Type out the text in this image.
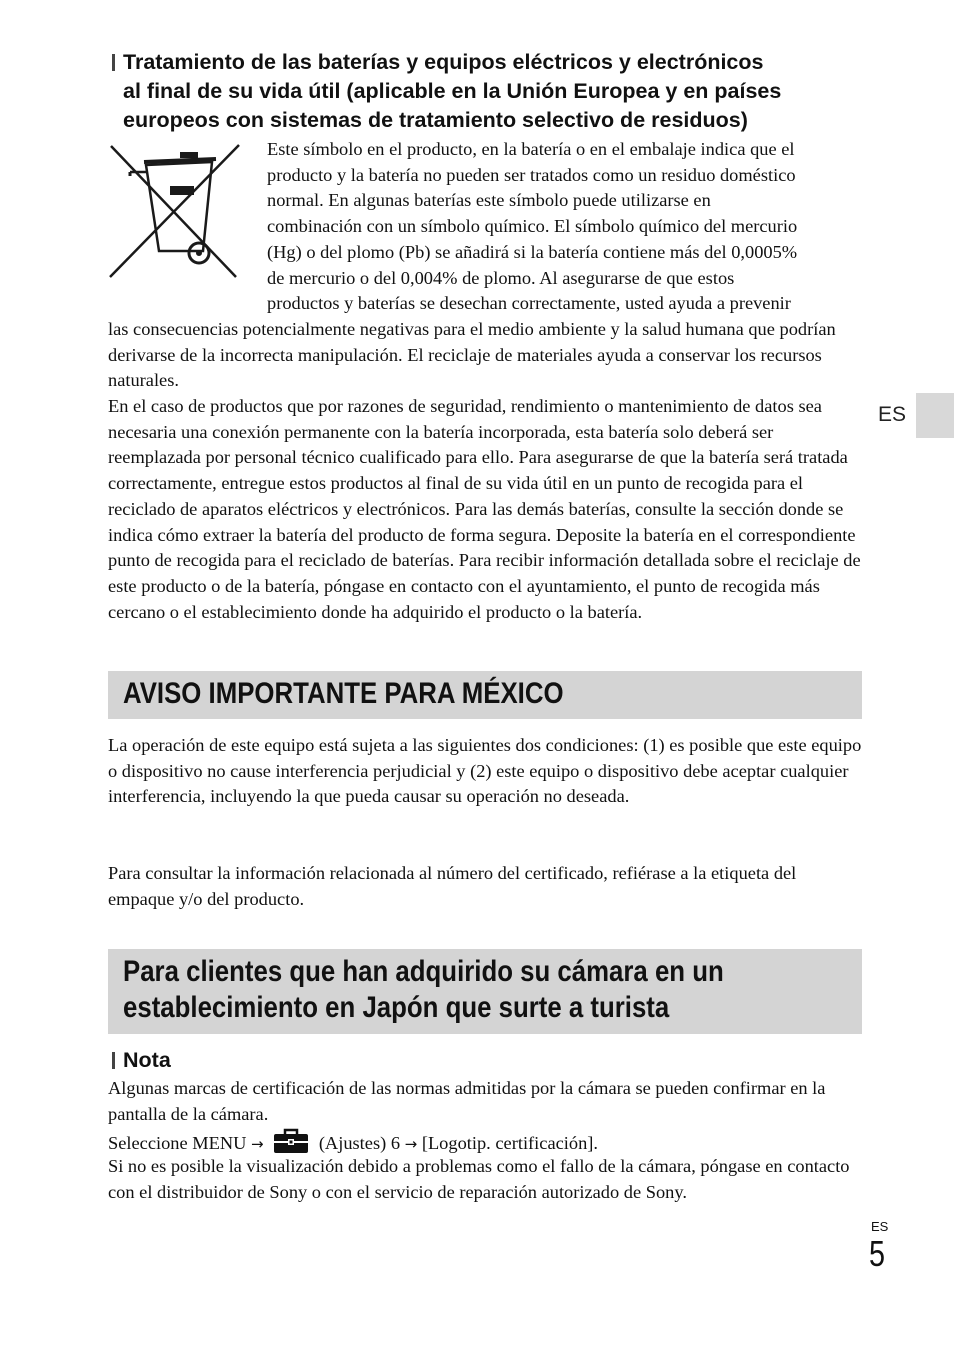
Tratamiento de las baterías y equipos eléctricos y electrónicos
al final de su vida útil (aplicable en la Unión Europea y en países
europeos con sistemas de tratamiento selectivo de residuos)
Este símbolo en el producto, en la batería o en el embalaje indica que el
producto y la batería no pueden ser tratados como un residuo doméstico
normal. En algunas baterías este símbolo puede utilizarse en
combinación con un símbolo químico. El símbolo químico del mercurio
(Hg) o del plomo (Pb) se añadirá si la batería contiene más del 0,0005%
de mercurio o del 0,004% de plomo. Al asegurarse de que estos
productos y baterías se desechan correctamente, usted ayuda a prevenir

las consecuencias potencialmente negativas para el medio ambiente y la salud humana que podrían derivarse de la incorrecta manipulación. El reciclaje de materiales ayuda a conservar los recursos naturales.

En el caso de productos que por razones de seguridad, rendimiento o mantenimiento de datos sea necesaria una conexión permanente con la batería incorporada, esta batería solo deberá ser reemplazada por personal técnico cualificado para ello. Para asegurarse de que la batería será tratada correctamente, entregue estos productos al final de su vida útil en un punto de recogida para el reciclado de aparatos eléctricos y electrónicos. Para las demás baterías, consulte la sección donde se indica cómo extraer la batería del producto de forma segura. Deposite la batería en el correspondiente punto de recogida para el reciclado de baterías. Para recibir información detallada sobre el reciclaje de este producto o de la batería, póngase en contacto con el ayuntamiento, el punto de recogida más cercano o el establecimiento donde ha adquirido el producto o la batería.

AVISO IMPORTANTE PARA MÉXICO

La operación de este equipo está sujeta a las siguientes dos condiciones: (1) es posible que este equipo o dispositivo no cause interferencia perjudicial y (2) este equipo o dispositivo debe aceptar cualquier interferencia, incluyendo la que pueda causar su operación no deseada.

Para consultar la información relacionada al número del certificado, refiérase a la etiqueta del empaque y/o del producto.

Para clientes que han adquirido su cámara en un
establecimiento en Japón que surte a turista
Nota

Algunas marcas de certificación de las normas admitidas por la cámara se pueden confirmar en la pantalla de la cámara.

Seleccione MENU →	(Ajustes) 6 → [Logotip. certificación].

Si no es posible la visualización debido a problemas como el fallo de la cámara, póngase en contacto con el distribuidor de Sony o con el servicio de reparación autorizado de Sony.

ES
ES
5
